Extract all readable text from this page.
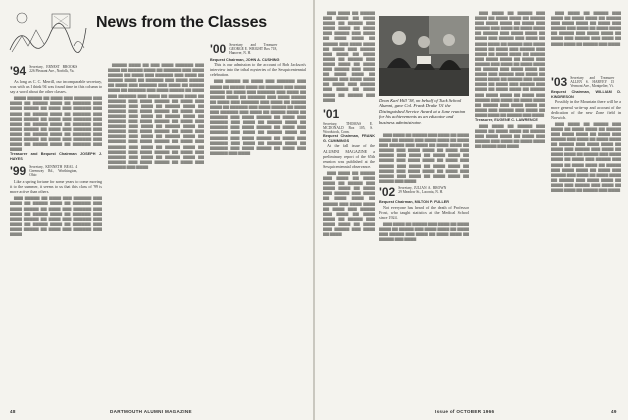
News from the Classes
'94 Secretary, ERNEST BROOKS 226 Pleasant Ave., Norfolk, Va.

As long as C. C. Merrill, our incomparable secretary, was with us I think 94 was found time in this column to say a word about the other classes.

▆▆▆▆ ▆▆▆▆▆ ▆▆ ▆▆▆▆ ▆▆▆ ▆▆▆▆▆▆ ▆▆▆ ▆▆▆▆ ▆▆ ▆▆▆▆▆ ▆▆▆▆ ▆▆ ▆▆▆▆▆▆ ▆▆▆ ▆▆▆▆ ▆▆▆▆▆ ▆▆ ▆▆▆▆ ▆▆▆ ▆▆▆▆▆▆ ▆▆▆ ▆▆▆▆ ▆▆ ▆▆▆▆▆ ▆▆▆▆ ▆▆ ▆▆▆▆▆▆ ▆▆▆ ▆▆▆▆ ▆▆▆▆▆ ▆▆ ▆▆▆▆ ▆▆▆ ▆▆▆▆▆▆ ▆▆▆ ▆▆▆▆ ▆▆ ▆▆▆▆▆ ▆▆▆▆ ▆▆ ▆▆▆▆▆▆ ▆▆▆ ▆▆▆▆ ▆▆▆▆▆ ▆▆ ▆▆▆▆ ▆▆▆ ▆▆▆▆▆▆ ▆▆▆ ▆▆▆▆ ▆▆ ▆▆▆▆▆ ▆▆▆▆ ▆▆ ▆▆▆▆▆▆ ▆▆▆ ▆▆▆▆ ▆▆▆▆▆ ▆▆ ▆▆▆▆ ▆▆▆ ▆▆▆▆▆▆ ▆▆▆ ▆▆▆▆ ▆▆ ▆▆▆▆▆ ▆▆▆▆ ▆▆ ▆▆▆▆▆▆ ▆▆▆ ▆▆▆▆

Treasurer and Bequest Chairman JOSEPH J. HAYES
'99 Secretary, KENNETH BEAL 4 Greenway Rd., Worthington, Ohio

Like a spring fortune for some years to come moving it to the summer, it seems to us that this class of '99 is more active than others.

▆▆▆ ▆▆▆▆▆ ▆▆ ▆▆▆▆ ▆▆▆ ▆▆▆▆▆▆ ▆▆▆ ▆▆▆▆ ▆▆ ▆▆▆▆▆ ▆▆▆▆ ▆▆ ▆▆▆▆▆▆ ▆▆▆ ▆▆▆▆ ▆▆▆▆▆ ▆▆ ▆▆▆▆ ▆▆▆ ▆▆▆▆▆▆ ▆▆▆ ▆▆▆▆ ▆▆ ▆▆▆▆▆ ▆▆▆▆ ▆▆ ▆▆▆▆▆▆ ▆▆▆ ▆▆▆▆ ▆▆▆▆▆ ▆▆ ▆▆▆▆ ▆▆▆ ▆▆▆▆▆▆ ▆▆▆ ▆▆▆▆ ▆▆ ▆▆▆▆▆ ▆▆▆▆ ▆▆ ▆▆▆▆▆▆ ▆▆▆ ▆▆▆▆ ▆▆▆▆▆ ▆▆ ▆▆▆▆ ▆▆▆ ▆▆▆▆▆▆ ▆▆▆ ▆▆▆▆

▆▆▆▆▆ ▆▆▆▆ ▆▆ ▆▆▆ ▆▆▆▆ ▆▆▆▆▆▆ ▆▆▆ ▆▆▆▆ ▆▆ ▆▆▆▆▆ ▆▆▆▆ ▆▆ ▆▆▆▆▆▆ ▆▆▆ ▆▆▆▆ ▆▆▆▆▆ ▆▆ ▆▆▆▆ ▆▆▆ ▆▆▆▆▆▆ ▆▆▆ ▆▆▆▆ ▆▆ ▆▆▆▆▆ ▆▆▆▆ ▆▆ ▆▆▆▆▆▆ ▆▆▆ ▆▆▆▆ ▆▆▆▆▆ ▆▆ ▆▆▆▆ ▆▆▆ ▆▆▆▆▆▆ ▆▆▆ ▆▆▆▆ ▆▆ ▆▆▆▆▆ ▆▆▆▆ ▆▆ ▆▆▆▆▆▆ ▆▆▆ ▆▆▆▆ ▆▆▆▆▆ ▆▆ ▆▆▆▆ ▆▆▆ ▆▆▆▆▆▆ ▆▆▆ ▆▆▆▆ ▆▆ ▆▆▆▆▆ ▆▆▆▆ ▆▆ ▆▆▆▆▆▆ ▆▆▆ ▆▆▆▆ ▆▆▆▆▆ ▆▆ ▆▆▆▆ ▆▆▆ ▆▆▆▆▆▆ ▆▆▆ ▆▆▆▆ ▆▆ ▆▆▆▆▆ ▆▆▆▆ ▆▆ ▆▆▆▆▆▆ ▆▆▆ ▆▆▆▆ ▆▆▆▆▆ ▆▆ ▆▆▆▆ ▆▆▆ ▆▆▆▆▆▆ ▆▆▆ ▆▆▆▆ ▆▆ ▆▆▆▆▆ ▆▆▆▆ ▆▆ ▆▆▆▆▆▆ ▆▆▆ ▆▆▆▆ ▆▆▆▆▆ ▆▆ ▆▆▆▆ ▆▆▆ ▆▆▆▆▆▆ ▆▆▆ ▆▆▆▆ ▆▆ ▆▆▆▆▆ ▆▆▆▆ ▆▆ ▆▆▆▆▆▆ ▆▆▆ ▆▆▆▆ ▆▆▆▆▆ ▆▆ ▆▆▆▆ ▆▆▆ ▆▆▆▆▆▆ ▆▆▆ ▆▆▆▆ ▆▆ ▆▆▆▆▆ ▆▆▆▆ ▆▆ ▆▆▆▆▆▆ ▆▆▆ ▆▆▆▆ ▆▆▆▆▆ ▆▆ ▆▆▆▆ ▆▆▆ ▆▆▆▆▆▆ ▆▆▆ ▆▆▆▆ ▆▆ ▆▆▆▆▆ ▆▆▆▆ ▆▆ ▆▆▆▆▆▆ ▆▆▆ ▆▆▆▆ ▆▆▆▆▆ ▆▆ ▆▆▆▆ ▆▆▆ ▆▆▆▆▆▆ ▆▆▆ ▆▆▆▆ ▆▆ ▆▆▆▆▆ ▆▆▆▆ ▆▆ ▆▆▆▆▆▆ ▆▆▆ ▆▆▆▆ ▆▆▆▆▆ ▆▆ ▆▆▆▆ ▆▆▆ ▆▆▆▆▆▆ ▆▆▆ ▆▆▆▆

'00 Secretary and Treasurer GEORGE E. WRIGHT Box 718, Hanover, N. H.
Bequest Chairman, JOHN A. CUSHING

This is our admission to the account of Bob Jackson's interview into the tribal mysteries of the Sesquicentennial celebration.

▆▆▆ ▆▆▆▆▆ ▆▆ ▆▆▆▆ ▆▆▆ ▆▆▆▆▆▆ ▆▆▆ ▆▆▆▆ ▆▆ ▆▆▆▆▆ ▆▆▆▆ ▆▆ ▆▆▆▆▆▆ ▆▆▆ ▆▆▆▆ ▆▆▆▆▆ ▆▆ ▆▆▆▆ ▆▆▆ ▆▆▆▆▆▆ ▆▆▆ ▆▆▆▆ ▆▆ ▆▆▆▆▆ ▆▆▆▆ ▆▆ ▆▆▆▆▆▆ ▆▆▆ ▆▆▆▆ ▆▆▆▆▆ ▆▆ ▆▆▆▆ ▆▆▆ ▆▆▆▆▆▆ ▆▆▆ ▆▆▆▆ ▆▆ ▆▆▆▆▆ ▆▆▆▆ ▆▆ ▆▆▆▆▆▆ ▆▆▆ ▆▆▆▆ ▆▆▆▆▆ ▆▆ ▆▆▆▆ ▆▆▆ ▆▆▆▆▆▆ ▆▆▆ ▆▆▆▆ ▆▆ ▆▆▆▆▆ ▆▆▆▆ ▆▆ ▆▆▆▆▆▆ ▆▆▆ ▆▆▆▆ ▆▆▆▆▆ ▆▆ ▆▆▆▆ ▆▆▆ ▆▆▆▆▆▆ ▆▆▆ ▆▆▆▆ ▆▆ ▆▆▆▆▆ ▆▆▆▆ ▆▆ ▆▆▆▆▆▆ ▆▆▆ ▆▆▆▆ ▆▆▆▆▆ ▆▆ ▆▆▆▆ ▆▆▆ ▆▆▆▆▆▆ ▆▆▆ ▆▆▆▆ ▆▆ ▆▆▆▆▆ ▆▆▆▆ ▆▆ ▆▆▆▆▆▆ ▆▆▆ ▆▆▆▆ ▆▆▆▆▆ ▆▆ ▆▆▆▆ ▆▆▆ ▆▆▆▆▆▆ ▆▆▆ ▆▆▆▆ ▆▆ ▆▆▆▆▆ ▆▆▆▆ ▆▆ ▆▆▆▆▆▆ ▆▆▆ ▆▆▆▆ ▆▆▆▆▆ ▆▆ ▆▆▆▆ ▆▆▆ ▆▆▆▆▆▆ ▆▆▆ ▆▆▆▆

48	DARTMOUTH ALUMNI MAGAZINE

▆▆▆ ▆▆▆▆ ▆▆ ▆▆▆▆▆ ▆▆▆ ▆▆▆▆ ▆▆ ▆▆▆▆ ▆▆▆▆ ▆▆ ▆▆▆▆▆ ▆▆▆ ▆▆▆▆ ▆▆▆▆ ▆▆ ▆▆▆▆ ▆▆▆ ▆▆▆▆▆ ▆▆▆ ▆▆▆▆ ▆▆ ▆▆▆▆ ▆▆▆▆ ▆▆ ▆▆▆▆▆ ▆▆▆ ▆▆▆▆ ▆▆▆▆ ▆▆ ▆▆▆▆ ▆▆▆ ▆▆▆▆▆ ▆▆▆ ▆▆▆▆ ▆▆ ▆▆▆▆ ▆▆▆▆ ▆▆ ▆▆▆▆▆ ▆▆▆ ▆▆▆▆ ▆▆▆▆ ▆▆ ▆▆▆▆ ▆▆▆ ▆▆▆▆▆ ▆▆▆ ▆▆▆▆ ▆▆ ▆▆▆▆ ▆▆▆▆ ▆▆ ▆▆▆▆▆ ▆▆▆ ▆▆▆▆ ▆▆▆▆ ▆▆ ▆▆▆▆ ▆▆▆ ▆▆▆▆▆ ▆▆▆ ▆▆▆▆ ▆▆ ▆▆▆▆ ▆▆▆▆ ▆▆ ▆▆▆▆▆ ▆▆▆ ▆▆▆▆

'01
Secretary, THOMAS E. MCDONALD Box 105, S. Woodstock, Conn.
Bequest Chairman, FRANK G. CUMMINGS

At the fall issue of the ALUMNI MAGAZINE a preliminary report of the 65th reunion was published at the Sesquicentennial observance.

▆▆▆ ▆▆▆▆ ▆▆ ▆▆▆▆▆ ▆▆▆ ▆▆▆▆ ▆▆ ▆▆▆▆ ▆▆▆▆ ▆▆ ▆▆▆▆▆ ▆▆▆ ▆▆▆▆ ▆▆▆▆ ▆▆ ▆▆▆▆ ▆▆▆ ▆▆▆▆▆ ▆▆▆ ▆▆▆▆ ▆▆ ▆▆▆▆ ▆▆▆▆ ▆▆ ▆▆▆▆▆ ▆▆▆ ▆▆▆▆ ▆▆▆▆ ▆▆ ▆▆▆▆ ▆▆▆ ▆▆▆▆▆ ▆▆▆ ▆▆▆▆ ▆▆ ▆▆▆▆ ▆▆▆▆ ▆▆ ▆▆▆▆▆ ▆▆▆ ▆▆▆▆ ▆▆▆▆ ▆▆ ▆▆▆▆ ▆▆▆ ▆▆▆▆▆ ▆▆▆ ▆▆▆▆ ▆▆ ▆▆▆▆

Dean Karl Hill '38, on behalf of Tuck School Alumni, gave Col. Frank Drake '01 the Distinguished Service Award at a June reunion for his achievements as an educator and business administrator.

▆▆▆ ▆▆▆▆ ▆▆ ▆▆▆▆▆ ▆▆▆ ▆▆▆▆ ▆▆ ▆▆▆▆ ▆▆▆▆ ▆▆ ▆▆▆▆▆ ▆▆▆ ▆▆▆▆ ▆▆▆▆ ▆▆ ▆▆▆▆ ▆▆▆ ▆▆▆▆▆ ▆▆▆ ▆▆▆▆ ▆▆ ▆▆▆▆ ▆▆▆▆ ▆▆ ▆▆▆▆▆ ▆▆▆ ▆▆▆▆ ▆▆▆▆ ▆▆ ▆▆▆▆ ▆▆▆ ▆▆▆▆▆ ▆▆▆ ▆▆▆▆ ▆▆ ▆▆▆▆ ▆▆▆▆ ▆▆ ▆▆▆▆▆ ▆▆▆ ▆▆▆▆ ▆▆▆▆ ▆▆ ▆▆▆▆ ▆▆▆ ▆▆▆▆▆ ▆▆▆ ▆▆▆▆ ▆▆ ▆▆▆▆ ▆▆▆▆ ▆▆ ▆▆▆▆▆ ▆▆▆ ▆▆▆▆ ▆▆▆▆ ▆▆ ▆▆▆▆ ▆▆▆ ▆▆▆▆▆ ▆▆▆ ▆▆▆▆ ▆▆ ▆▆▆▆ ▆▆▆▆ ▆▆ ▆▆▆▆▆ ▆▆▆ ▆▆▆▆

'02 Secretary, JULIAN A. BROWN 29 Meadow St., Laconia, N. H.
Bequest Chairman, MILTON P. FULLER

Not everyone has heard of the death of Professor Frost, who taught statistics at the Medical School since 1924.

▆▆▆ ▆▆▆▆ ▆▆ ▆▆▆▆▆ ▆▆▆ ▆▆▆▆ ▆▆ ▆▆▆▆ ▆▆▆▆ ▆▆ ▆▆▆▆▆ ▆▆▆ ▆▆▆▆ ▆▆▆▆ ▆▆ ▆▆▆▆ ▆▆▆ ▆▆▆▆▆ ▆▆▆ ▆▆▆▆ ▆▆ ▆▆▆▆ ▆▆▆▆ ▆▆ ▆▆▆▆▆ ▆▆▆ ▆▆▆▆

▆▆▆ ▆▆▆▆ ▆▆ ▆▆▆▆▆ ▆▆▆ ▆▆▆▆ ▆▆ ▆▆▆▆ ▆▆▆▆ ▆▆ ▆▆▆▆▆ ▆▆▆ ▆▆▆▆ ▆▆▆▆ ▆▆ ▆▆▆▆ ▆▆▆ ▆▆▆▆▆ ▆▆▆ ▆▆▆▆ ▆▆ ▆▆▆▆ ▆▆▆▆ ▆▆ ▆▆▆▆▆ ▆▆▆ ▆▆▆▆ ▆▆▆▆ ▆▆ ▆▆▆▆ ▆▆▆ ▆▆▆▆▆ ▆▆▆ ▆▆▆▆ ▆▆ ▆▆▆▆ ▆▆▆▆ ▆▆ ▆▆▆▆▆ ▆▆▆ ▆▆▆▆ ▆▆▆▆ ▆▆ ▆▆▆▆ ▆▆▆ ▆▆▆▆▆ ▆▆▆ ▆▆▆▆ ▆▆ ▆▆▆▆ ▆▆▆▆ ▆▆ ▆▆▆▆▆ ▆▆▆ ▆▆▆▆ ▆▆▆▆ ▆▆ ▆▆▆▆ ▆▆▆ ▆▆▆▆▆ ▆▆▆ ▆▆▆▆ ▆▆ ▆▆▆▆ ▆▆▆▆ ▆▆ ▆▆▆▆▆ ▆▆▆ ▆▆▆▆ ▆▆▆▆ ▆▆ ▆▆▆▆ ▆▆▆ ▆▆▆▆▆ ▆▆▆ ▆▆▆▆ ▆▆ ▆▆▆▆ ▆▆▆▆ ▆▆ ▆▆▆▆▆ ▆▆▆ ▆▆▆▆ ▆▆▆▆ ▆▆ ▆▆▆▆ ▆▆▆ ▆▆▆▆▆ ▆▆▆ ▆▆▆▆ ▆▆ ▆▆▆▆ ▆▆▆▆ ▆▆ ▆▆▆▆▆ ▆▆▆ ▆▆▆▆ ▆▆▆▆ ▆▆ ▆▆▆▆ ▆▆▆ ▆▆▆▆▆ ▆▆▆ ▆▆▆▆ ▆▆ ▆▆▆▆ ▆▆▆▆ ▆▆ ▆▆▆▆▆ ▆▆▆ ▆▆▆▆ ▆▆▆▆ ▆▆ ▆▆▆▆ ▆▆▆ ▆▆▆▆▆ ▆▆▆ ▆▆▆▆ ▆▆ ▆▆▆▆ ▆▆▆▆ ▆▆ ▆▆▆▆▆ ▆▆▆ ▆▆▆▆

Treasurer, EUGENE C. LAWRENCE

▆▆▆ ▆▆▆▆ ▆▆ ▆▆▆▆▆ ▆▆▆ ▆▆▆▆ ▆▆ ▆▆▆▆ ▆▆▆▆ ▆▆ ▆▆▆▆▆ ▆▆▆ ▆▆▆▆ ▆▆▆▆ ▆▆ ▆▆▆▆ ▆▆▆ ▆▆▆▆▆ ▆▆▆ ▆▆▆▆ ▆▆ ▆▆▆▆ ▆▆▆▆ ▆▆ ▆▆▆▆▆ ▆▆▆ ▆▆▆▆

▆▆▆ ▆▆▆▆ ▆▆ ▆▆▆▆▆ ▆▆▆ ▆▆▆▆ ▆▆ ▆▆▆▆ ▆▆▆▆ ▆▆ ▆▆▆▆▆ ▆▆▆ ▆▆▆▆ ▆▆▆▆ ▆▆ ▆▆▆▆ ▆▆▆ ▆▆▆▆▆ ▆▆▆ ▆▆▆▆ ▆▆ ▆▆▆▆ ▆▆▆▆ ▆▆ ▆▆▆▆▆ ▆▆▆ ▆▆▆▆ ▆▆▆▆ ▆▆ ▆▆▆▆ ▆▆▆ ▆▆▆▆▆ ▆▆▆ ▆▆▆▆ ▆▆ ▆▆▆▆ ▆▆▆▆ ▆▆ ▆▆▆▆▆ ▆▆▆ ▆▆▆▆

'03 Secretary and Treasurer ALLEN S. HARVEY 15 Vermont Ave., Montpelier, Vt.
Bequest Chairman, WILLIAM D. KINDRESON

Possibly in the Mountain there will be a more general write-up and account of the dedication of the new Zone field in Norwich.

▆▆▆ ▆▆▆▆ ▆▆ ▆▆▆▆▆ ▆▆▆ ▆▆▆▆ ▆▆ ▆▆▆▆ ▆▆▆▆ ▆▆ ▆▆▆▆▆ ▆▆▆ ▆▆▆▆ ▆▆▆▆ ▆▆ ▆▆▆▆ ▆▆▆ ▆▆▆▆▆ ▆▆▆ ▆▆▆▆ ▆▆ ▆▆▆▆ ▆▆▆▆ ▆▆ ▆▆▆▆▆ ▆▆▆ ▆▆▆▆ ▆▆▆▆ ▆▆ ▆▆▆▆ ▆▆▆ ▆▆▆▆▆ ▆▆▆ ▆▆▆▆ ▆▆ ▆▆▆▆ ▆▆▆▆ ▆▆ ▆▆▆▆▆ ▆▆▆ ▆▆▆▆ ▆▆▆▆ ▆▆ ▆▆▆▆ ▆▆▆ ▆▆▆▆▆ ▆▆▆ ▆▆▆▆ ▆▆ ▆▆▆▆ ▆▆▆▆ ▆▆ ▆▆▆▆▆ ▆▆▆ ▆▆▆▆ ▆▆▆▆ ▆▆ ▆▆▆▆ ▆▆▆ ▆▆▆▆▆ ▆▆▆ ▆▆▆▆ ▆▆ ▆▆▆▆ ▆▆▆▆ ▆▆ ▆▆▆▆▆ ▆▆▆ ▆▆▆▆ ▆▆▆▆ ▆▆ ▆▆▆▆ ▆▆▆ ▆▆▆▆▆ ▆▆▆ ▆▆▆▆ ▆▆ ▆▆▆▆ ▆▆▆▆ ▆▆ ▆▆▆▆▆ ▆▆▆ ▆▆▆▆

Issue of OCTOBER 1966	49
